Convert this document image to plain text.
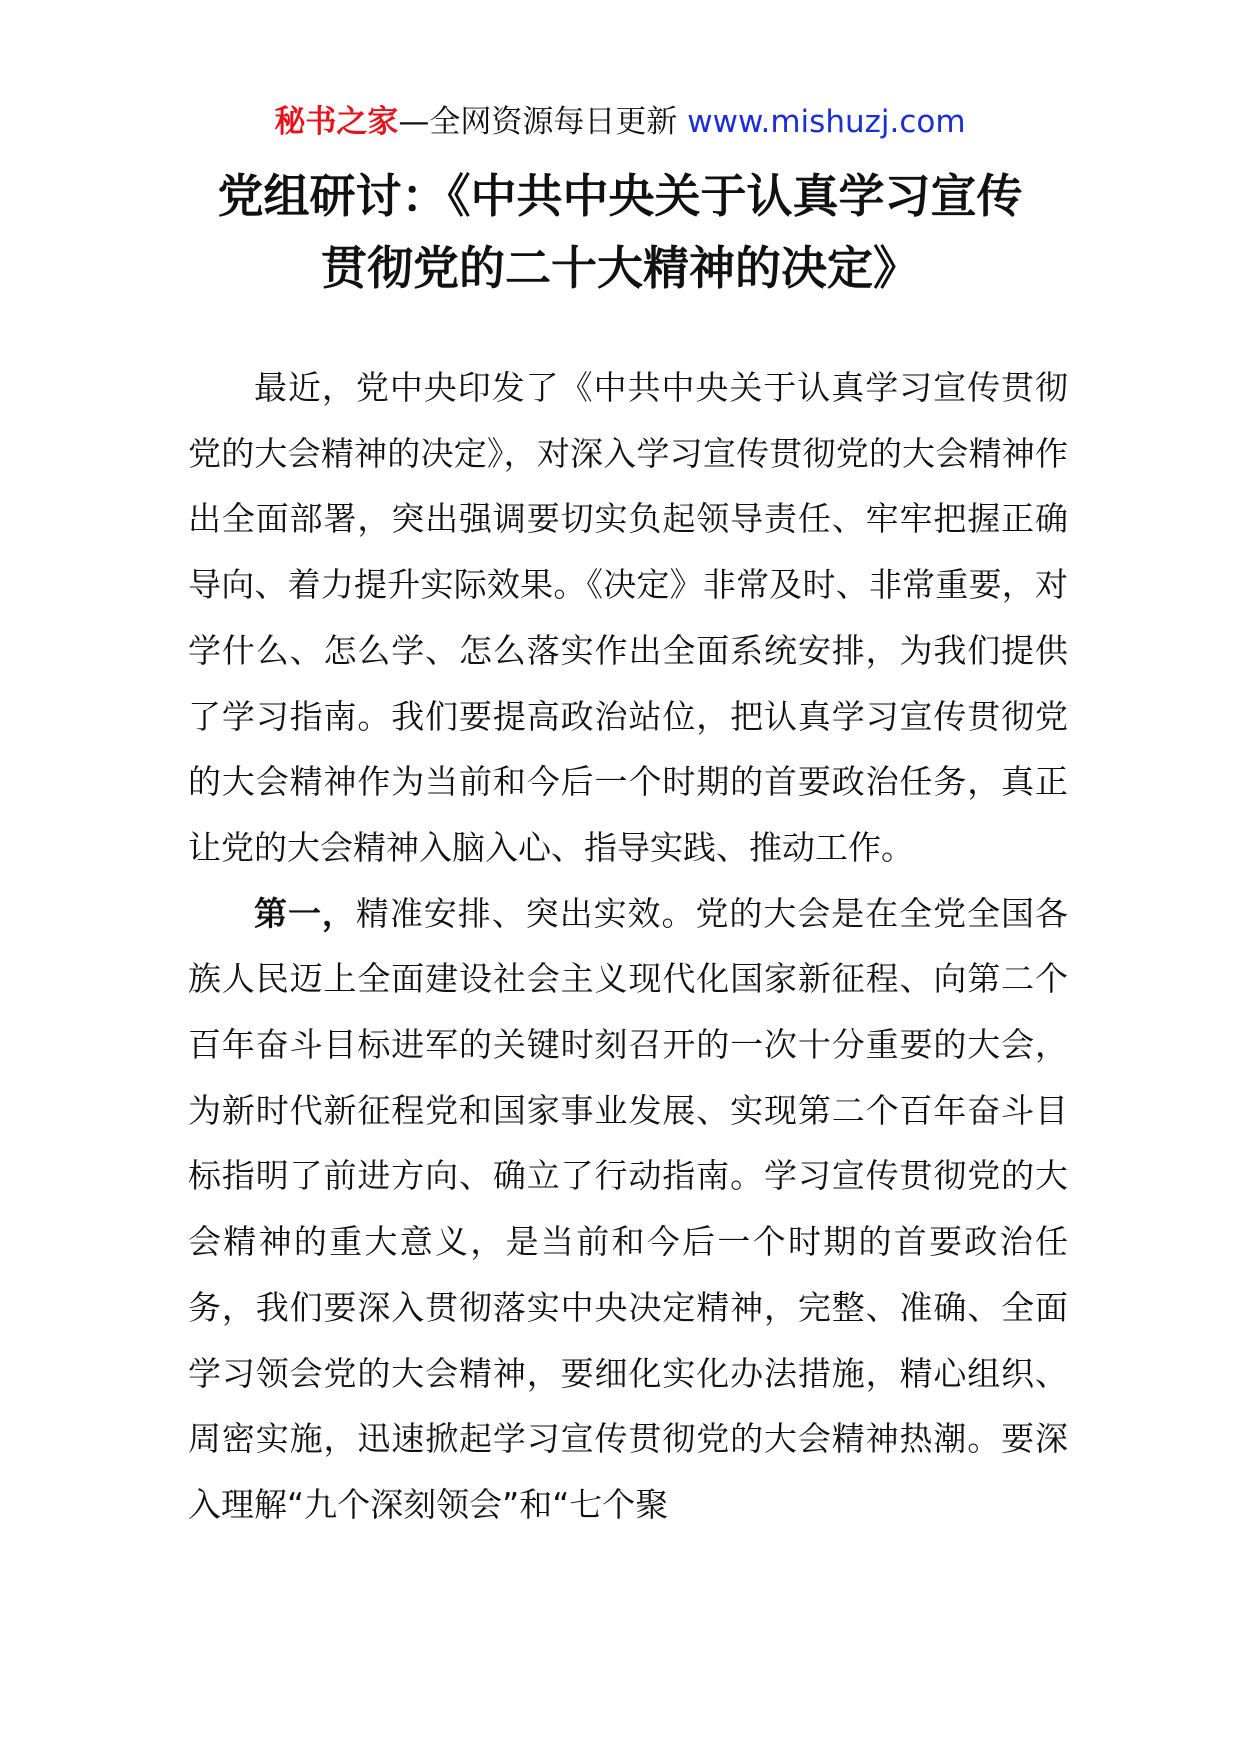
秘书之家—全网资源每日更新 www.mishuzj.com
党组研讨：《中共中央关于认真学习宣传
贯彻党的二十大精神的决定》

最近，党中央印发了《中共中央关于认真学习宣传贯彻党的大会精神的决定》，对深入学习宣传贯彻党的大会精神作出全面部署，突出强调要切实负起领导责任、牢牢把握正确导向、着力提升实际效果。《决定》非常及时、非常重要，对学什么、怎么学、怎么落实作出全面系统安排，为我们提供了学习指南。我们要提高政治站位，把认真学习宣传贯彻党的大会精神作为当前和今后一个时期的首要政治任务，真正让党的大会精神入脑入心、指导实践、推动工作。

第一，精准安排、突出实效。党的大会是在全党全国各族人民迈上全面建设社会主义现代化国家新征程、向第二个百年奋斗目标进军的关键时刻召开的一次十分重要的大会，为新时代新征程党和国家事业发展、实现第二个百年奋斗目标指明了前进方向、确立了行动指南。学习宣传贯彻党的大会精神的重大意义，是当前和今后一个时期的首要政治任务，我们要深入贯彻落实中央决定精神，完整、准确、全面学习领会党的大会精神，要细化实化办法措施，精心组织、周密实施，迅速掀起学习宣传贯彻党的大会精神热潮。要深入理解“九个深刻领会”和“七个聚
